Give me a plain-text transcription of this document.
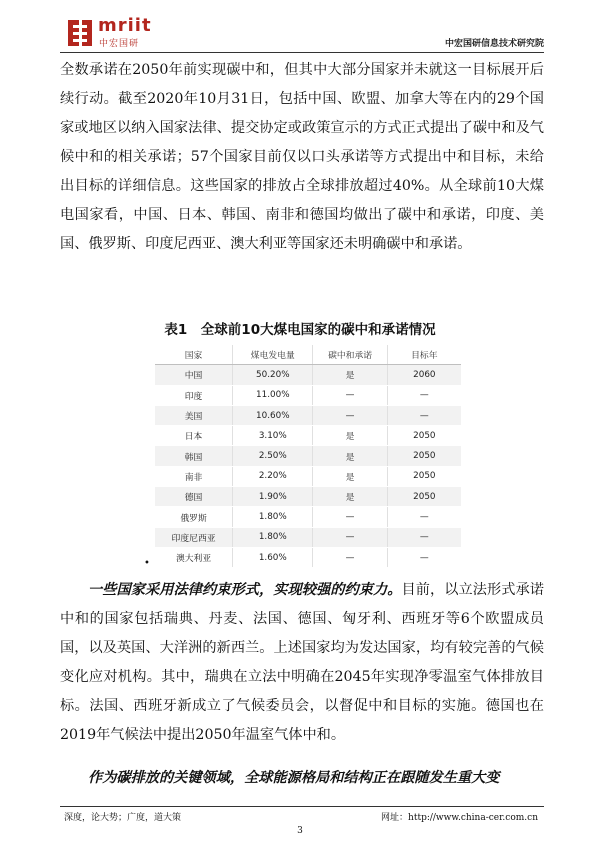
mriit
中宏国研	中宏国研信息技术研究院
全数承诺在2050年前实现碳中和，但其中大部分国家并未就这一目标展开后续行动。截至2020年10月31日，包括中国、欧盟、加拿大等在内的29个国家或地区以纳入国家法律、提交协定或政策宣示的方式正式提出了碳中和及气候中和的相关承诺；57个国家目前仅以口头承诺等方式提出中和目标，未给出目标的详细信息。这些国家的排放占全球排放超过40%。从全球前10大煤电国家看，中国、日本、韩国、南非和德国均做出了碳中和承诺，印度、美国、俄罗斯、印度尼西亚、澳大利亚等国家还未明确碳中和承诺。
表1　全球前10大煤电国家的碳中和承诺情况
国家	煤电发电量	碳中和承诺	目标年
中国	50.20%	是	2060
印度	11.00%	—	—
美国	10.60%	—	—
日本	3.10%	是	2050
韩国	2.50%	是	2050
南非	2.20%	是	2050
德国	1.90%	是	2050
俄罗斯	1.80%	—	—
印度尼西亚	1.80%	—	—
澳大利亚	1.60%	—	—
•
一些国家采用法律约束形式，实现较强的约束力。目前，以立法形式承诺中和的国家包括瑞典、丹麦、法国、德国、匈牙利、西班牙等6个欧盟成员国，以及英国、大洋洲的新西兰。上述国家均为发达国家，均有较完善的气候变化应对机构。其中，瑞典在立法中明确在2045年实现净零温室气体排放目标。法国、西班牙新成立了气候委员会，以督促中和目标的实施。德国也在2019年气候法中提出2050年温室气体中和。
作为碳排放的关键领域，全球能源格局和结构正在跟随发生重大变
深度，论大势；广度，道大策	网址：http://www.china-cer.com.cn
3
